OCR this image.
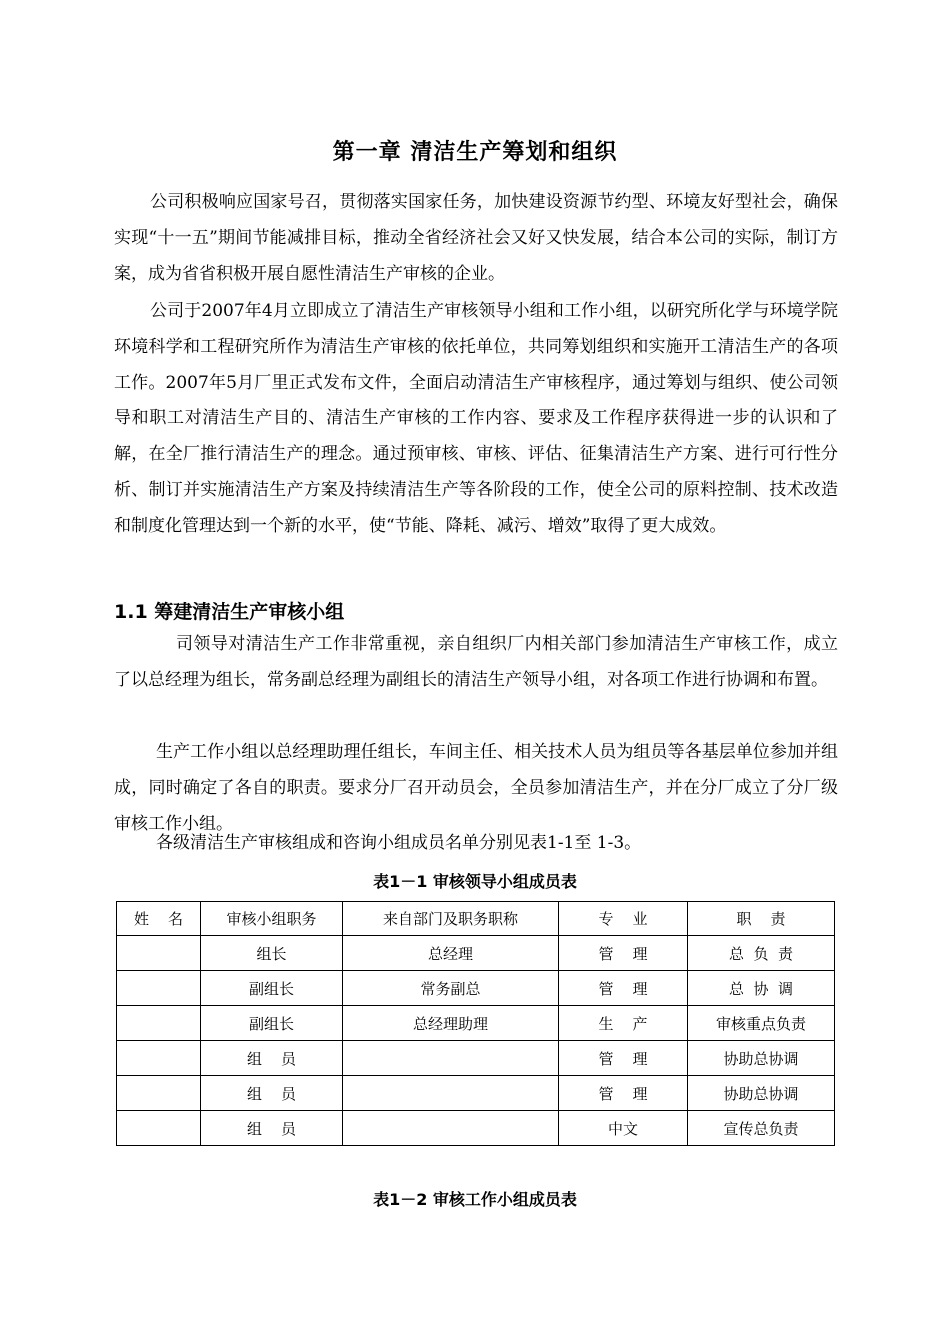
第一章 清洁生产筹划和组织

公司积极响应国家号召，贯彻落实国家任务，加快建设资源节约型、环境友好型社会，确保实现“十一五”期间节能减排目标，推动全省经济社会又好又快发展，结合本公司的实际，制订方案，成为省省积极开展自愿性清洁生产审核的企业。

公司于2007年4月立即成立了清洁生产审核领导小组和工作小组，以研究所化学与环境学院环境科学和工程研究所作为清洁生产审核的依托单位，共同筹划组织和实施开工清洁生产的各项工作。2007年5月厂里正式发布文件，全面启动清洁生产审核程序，通过筹划与组织、使公司领导和职工对清洁生产目的、清洁生产审核的工作内容、要求及工作程序获得进一步的认识和了解，在全厂推行清洁生产的理念。通过预审核、审核、评估、征集清洁生产方案、进行可行性分析、制订并实施清洁生产方案及持续清洁生产等各阶段的工作，使全公司的原料控制、技术改造和制度化管理达到一个新的水平，使“节能、降耗、减污、增效”取得了更大成效。

1.1 筹建清洁生产审核小组

司领导对清洁生产工作非常重视，亲自组织厂内相关部门参加清洁生产审核工作，成立了以总经理为组长，常务副总经理为副组长的清洁生产领导小组，对各项工作进行协调和布置。

生产工作小组以总经理助理任组长，车间主任、相关技术人员为组员等各基层单位参加并组成，同时确定了各自的职责。要求分厂召开动员会，全员参加清洁生产，并在分厂成立了分厂级审核工作小组。

各级清洁生产审核组成和咨询小组成员名单分别见表1-1至 1-3。

表1－1 审核领导小组成员表
姓    名	审核小组职务	来自部门及职务职称	专    业	职    责
	组长	总经理	管    理	总  负  责
	副组长	常务副总	管    理	总  协  调
	副组长	总经理助理	生    产	审核重点负责
	组    员		管    理	协助总协调
	组    员		管    理	协助总协调
	组    员		中文	宣传总负责
表1－2 审核工作小组成员表
